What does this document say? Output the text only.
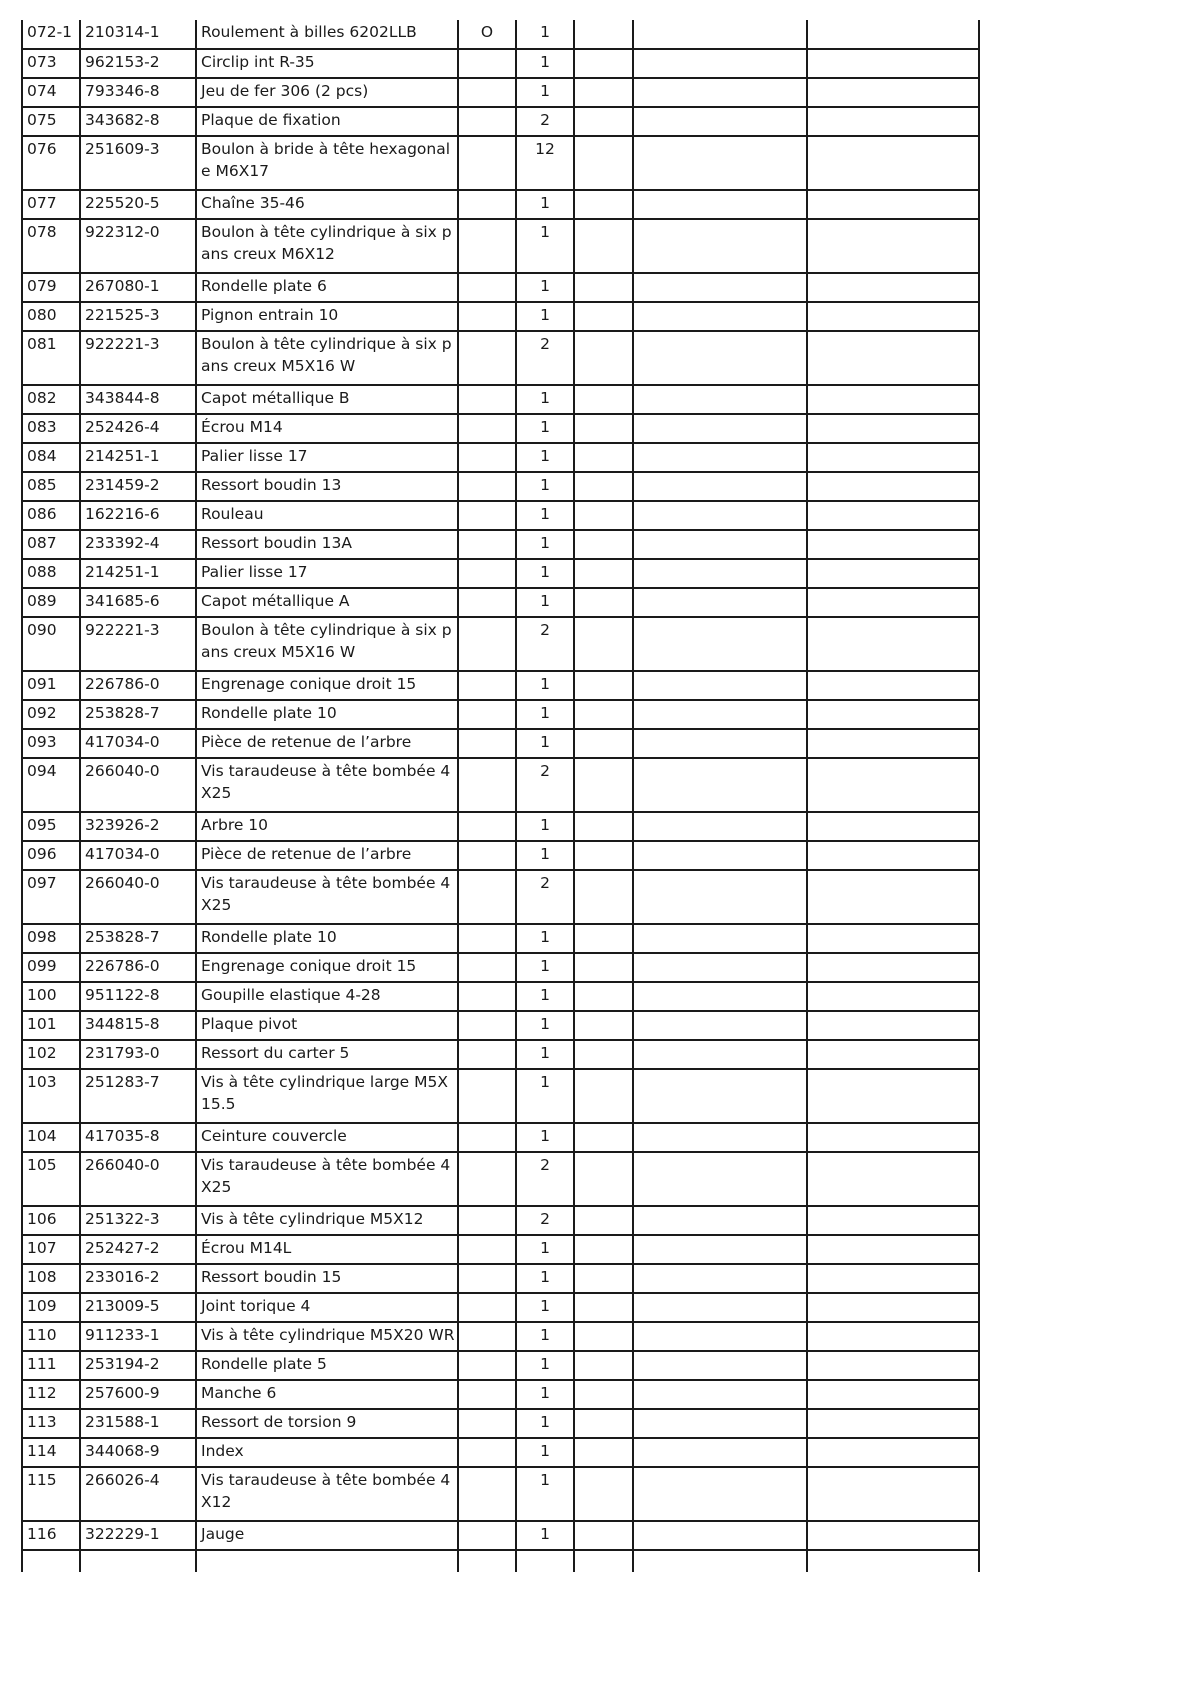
072-1	210314-1	Roulement à billes 6202LLB	O	1			
073	962153-2	Circlip int R-35		1			
074	793346-8	Jeu de fer 306 (2 pcs)		1			
075	343682-8	Plaque de fixation		2			
076	251609-3	Boulon à bride à tête hexagonale M6X17		12			
077	225520-5	Chaîne 35-46		1			
078	922312-0	Boulon à tête cylindrique à six pans creux M6X12		1			
079	267080-1	Rondelle plate 6		1			
080	221525-3	Pignon entrain 10		1			
081	922221-3	Boulon à tête cylindrique à six pans creux M5X16 W		2			
082	343844-8	Capot métallique B		1			
083	252426-4	Écrou M14		1			
084	214251-1	Palier lisse 17		1			
085	231459-2	Ressort boudin 13		1			
086	162216-6	Rouleau		1			
087	233392-4	Ressort boudin 13A		1			
088	214251-1	Palier lisse 17		1			
089	341685-6	Capot métallique A		1			
090	922221-3	Boulon à tête cylindrique à six pans creux M5X16 W		2			
091	226786-0	Engrenage conique droit 15		1			
092	253828-7	Rondelle plate 10		1			
093	417034-0	Pièce de retenue de l’arbre		1			
094	266040-0	Vis taraudeuse à tête bombée 4X25		2			
095	323926-2	Arbre 10		1			
096	417034-0	Pièce de retenue de l’arbre		1			
097	266040-0	Vis taraudeuse à tête bombée 4X25		2			
098	253828-7	Rondelle plate 10		1			
099	226786-0	Engrenage conique droit 15		1			
100	951122-8	Goupille elastique 4-28		1			
101	344815-8	Plaque pivot		1			
102	231793-0	Ressort du carter 5		1			
103	251283-7	Vis à tête cylindrique large M5X15.5		1			
104	417035-8	Ceinture couvercle		1			
105	266040-0	Vis taraudeuse à tête bombée 4X25		2			
106	251322-3	Vis à tête cylindrique M5X12		2			
107	252427-2	Écrou M14L		1			
108	233016-2	Ressort boudin 15		1			
109	213009-5	Joint torique 4		1			
110	911233-1	Vis à tête cylindrique M5X20 WR		1			
111	253194-2	Rondelle plate 5		1			
112	257600-9	Manche 6		1			
113	231588-1	Ressort de torsion 9		1			
114	344068-9	Index		1			
115	266026-4	Vis taraudeuse à tête bombée 4X12		1			
116	322229-1	Jauge		1			
